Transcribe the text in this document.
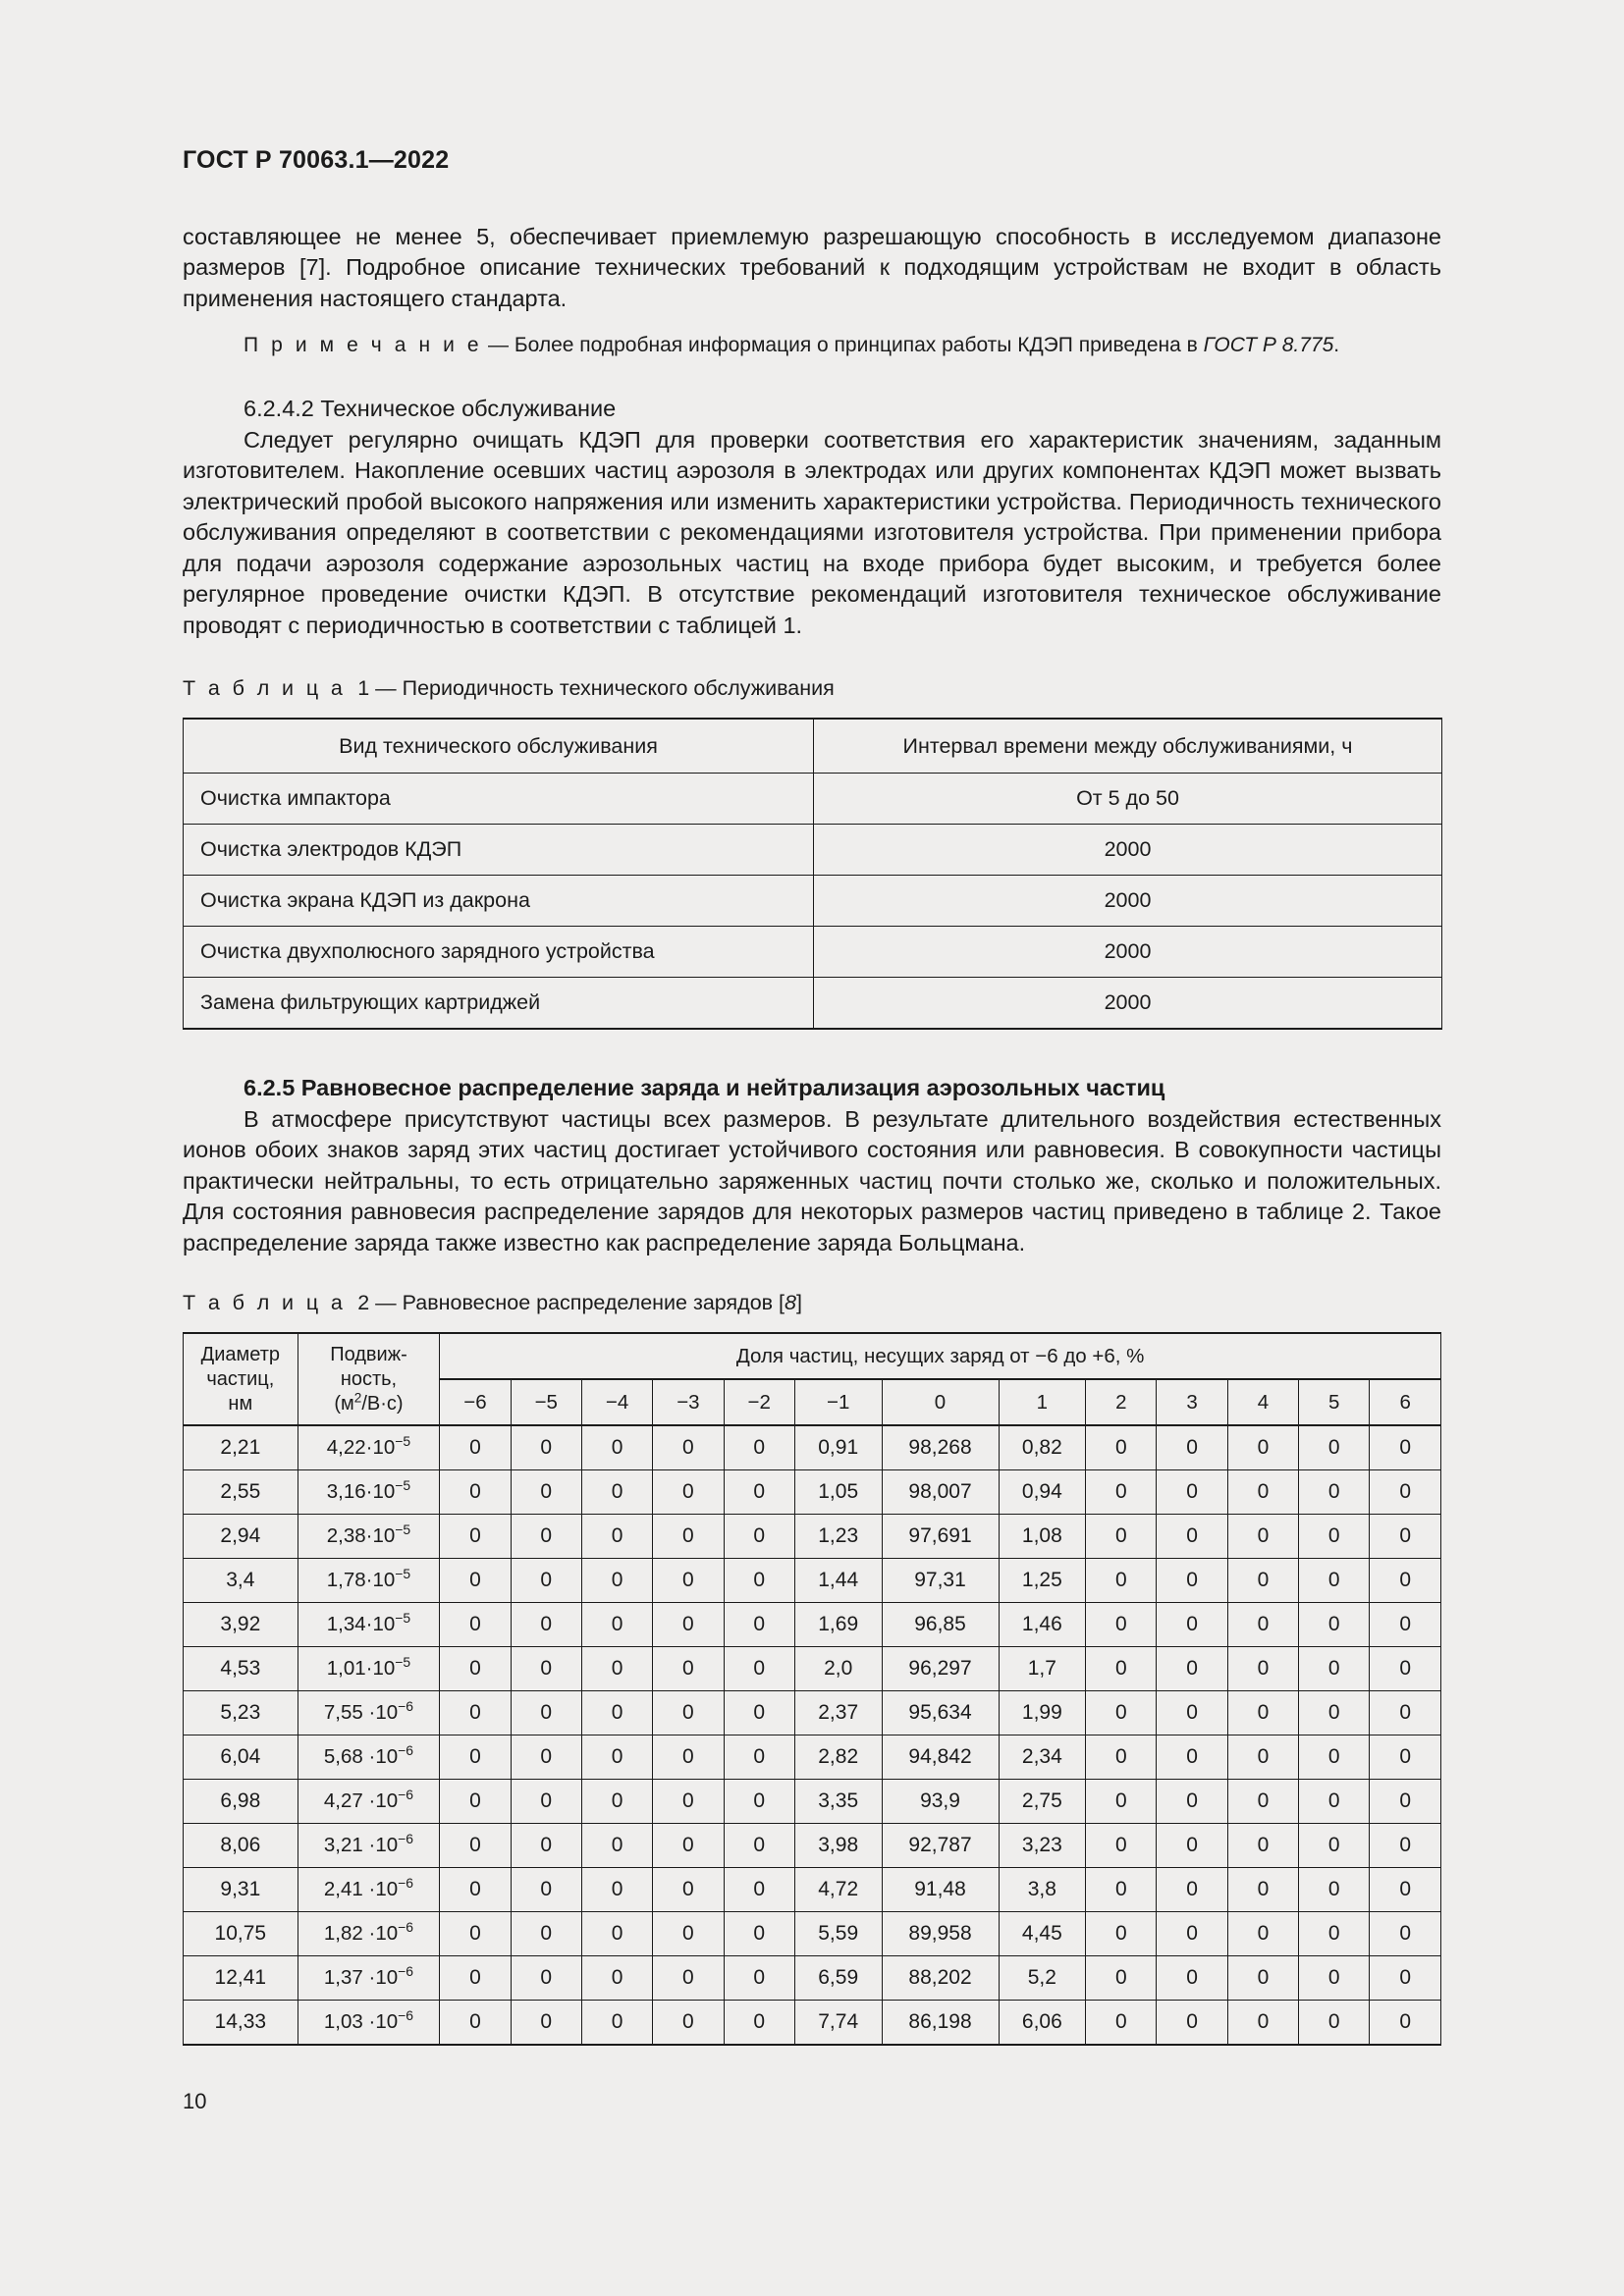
ГОСТ Р 70063.1—2022

составляющее не менее 5, обеспечивает приемлемую разрешающую способность в исследуемом диапазоне размеров [7]. Подробное описание технических требований к подходящим устройствам не входит в область применения настоящего стандарта.

П р и м е ч а н и е — Более подробная информация о принципах работы КДЭП приведена в ГОСТ Р 8.775.

6.2.4.2 Техническое обслуживание

Следует регулярно очищать КДЭП для проверки соответствия его характеристик значениям, заданным изготовителем. Накопление осевших частиц аэрозоля в электродах или других компонентах КДЭП может вызвать электрический пробой высокого напряжения или изменить характеристики устройства. Периодичность технического обслуживания определяют в соответствии с рекомендациями изготовителя устройства. При применении прибора для подачи аэрозоля содержание аэрозольных частиц на входе прибора будет высоким, и требуется более регулярное проведение очистки КДЭП. В отсутствие рекомендаций изготовителя техническое обслуживание проводят с периодичностью в соответствии с таблицей 1.

Т а б л и ц а 1 — Периодичность технического обслуживания
Вид технического обслуживания	Интервал времени между обслуживаниями, ч
Очистка импактора	От 5 до 50
Очистка электродов КДЭП	2000
Очистка экрана КДЭП из дакрона	2000
Очистка двухполюсного зарядного устройства	2000
Замена фильтрующих картриджей	2000

6.2.5 Равновесное распределение заряда и нейтрализация аэрозольных частиц

В атмосфере присутствуют частицы всех размеров. В результате длительного воздействия естественных ионов обоих знаков заряд этих частиц достигает устойчивого состояния или равновесия. В совокупности частицы практически нейтральны, то есть отрицательно заряженных частиц почти столько же, сколько и положительных. Для состояния равновесия распределение зарядов для некоторых размеров частиц приведено в таблице 2. Такое распределение заряда также известно как распределение заряда Больцмана.

Т а б л и ц а 2 — Равновесное распределение зарядов [8]
Диаметр
частиц,
нм	Подвиж-
ность,
$(м^2/В\cdot с)$	Доля частиц, несущих заряд от −6 до +6, %												
		−6	−5	−4	−3	−2	−1	0	1	2	3	4	5	6
2,21	$4,22\cdot 10^{-5}$	0	0	0	0	0	0,91	98,268	0,82	0	0	0	0	0
2,55	$3,16\cdot 10^{-5}$	0	0	0	0	0	1,05	98,007	0,94	0	0	0	0	0
2,94	$2,38\cdot 10^{-5}$	0	0	0	0	0	1,23	97,691	1,08	0	0	0	0	0
3,4	$1,78\cdot 10^{-5}$	0	0	0	0	0	1,44	97,31	1,25	0	0	0	0	0
3,92	$1,34\cdot 10^{-5}$	0	0	0	0	0	1,69	96,85	1,46	0	0	0	0	0
4,53	$1,01\cdot 10^{-5}$	0	0	0	0	0	2,0	96,297	1,7	0	0	0	0	0
5,23	$7,55 \cdot 10^{-6}$	0	0	0	0	0	2,37	95,634	1,99	0	0	0	0	0
6,04	$5,68 \cdot 10^{-6}$	0	0	0	0	0	2,82	94,842	2,34	0	0	0	0	0
6,98	$4,27 \cdot 10^{-6}$	0	0	0	0	0	3,35	93,9	2,75	0	0	0	0	0
8,06	$3,21 \cdot 10^{-6}$	0	0	0	0	0	3,98	92,787	3,23	0	0	0	0	0
9,31	$2,41 \cdot 10^{-6}$	0	0	0	0	0	4,72	91,48	3,8	0	0	0	0	0
10,75	$1,82 \cdot 10^{-6}$	0	0	0	0	0	5,59	89,958	4,45	0	0	0	0	0
12,41	$1,37 \cdot 10^{-6}$	0	0	0	0	0	6,59	88,202	5,2	0	0	0	0	0
14,33	$1,03 \cdot 10^{-6}$	0	0	0	0	0	7,74	86,198	6,06	0	0	0	0	0
10
